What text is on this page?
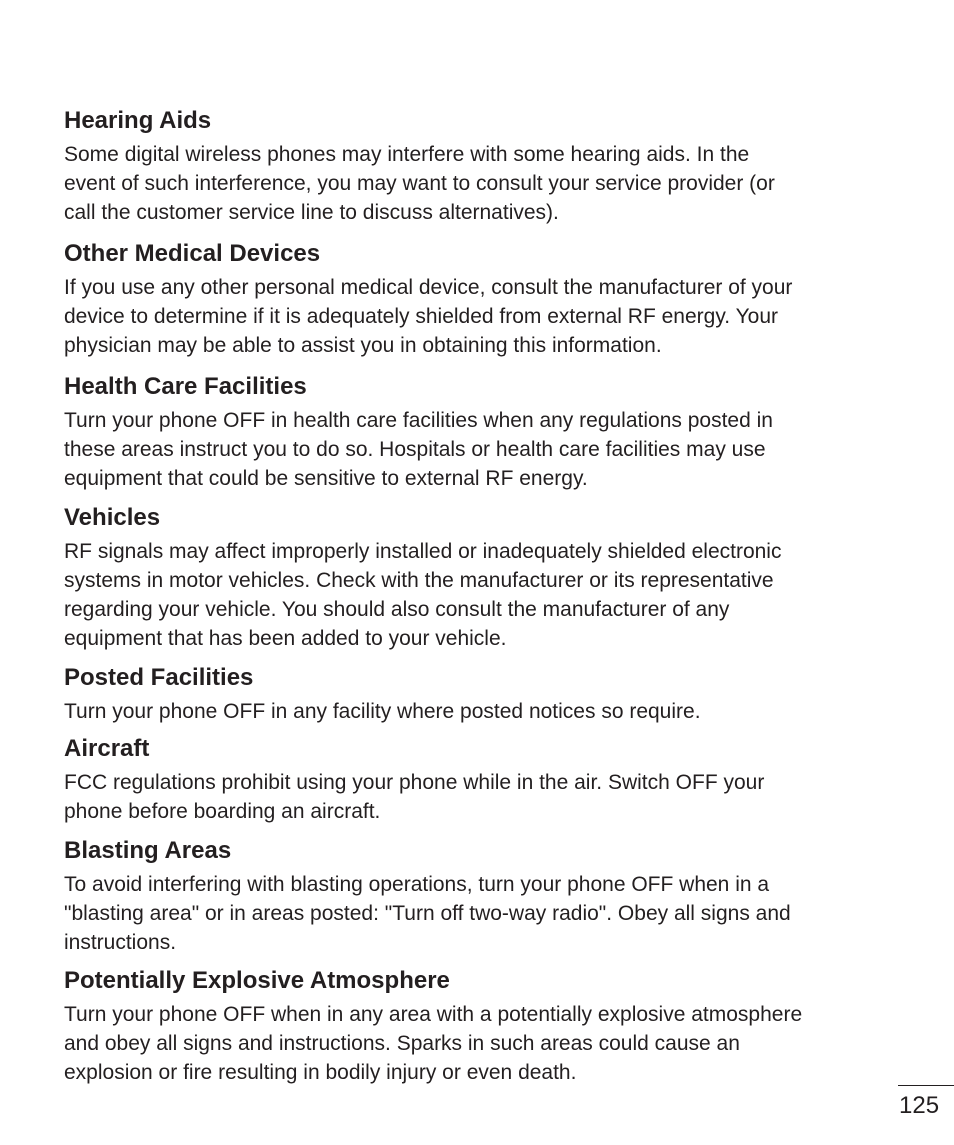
Hearing Aids
Some digital wireless phones may interfere with some hearing aids. In the
event of such interference, you may want to consult your service provider (or
call the customer service line to discuss alternatives).
Other Medical Devices
If you use any other personal medical device, consult the manufacturer of your
device to determine if it is adequately shielded from external RF energy. Your
physician may be able to assist you in obtaining this information.
Health Care Facilities
Turn your phone OFF in health care facilities when any regulations posted in
these areas instruct you to do so. Hospitals or health care facilities may use
equipment that could be sensitive to external RF energy.
Vehicles
RF signals may affect improperly installed or inadequately shielded electronic
systems in motor vehicles. Check with the manufacturer or its representative
regarding your vehicle. You should also consult the manufacturer of any
equipment that has been added to your vehicle.
Posted Facilities
Turn your phone OFF in any facility where posted notices so require.
Aircraft
FCC regulations prohibit using your phone while in the air. Switch OFF your
phone before boarding an aircraft.
Blasting Areas
To avoid interfering with blasting operations, turn your phone OFF when in a
"blasting area" or in areas posted: "Turn off two-way radio". Obey all signs and
instructions.
Potentially Explosive Atmosphere
Turn your phone OFF when in any area with a potentially explosive atmosphere
and obey all signs and instructions. Sparks in such areas could cause an
explosion or fire resulting in bodily injury or even death.
125
